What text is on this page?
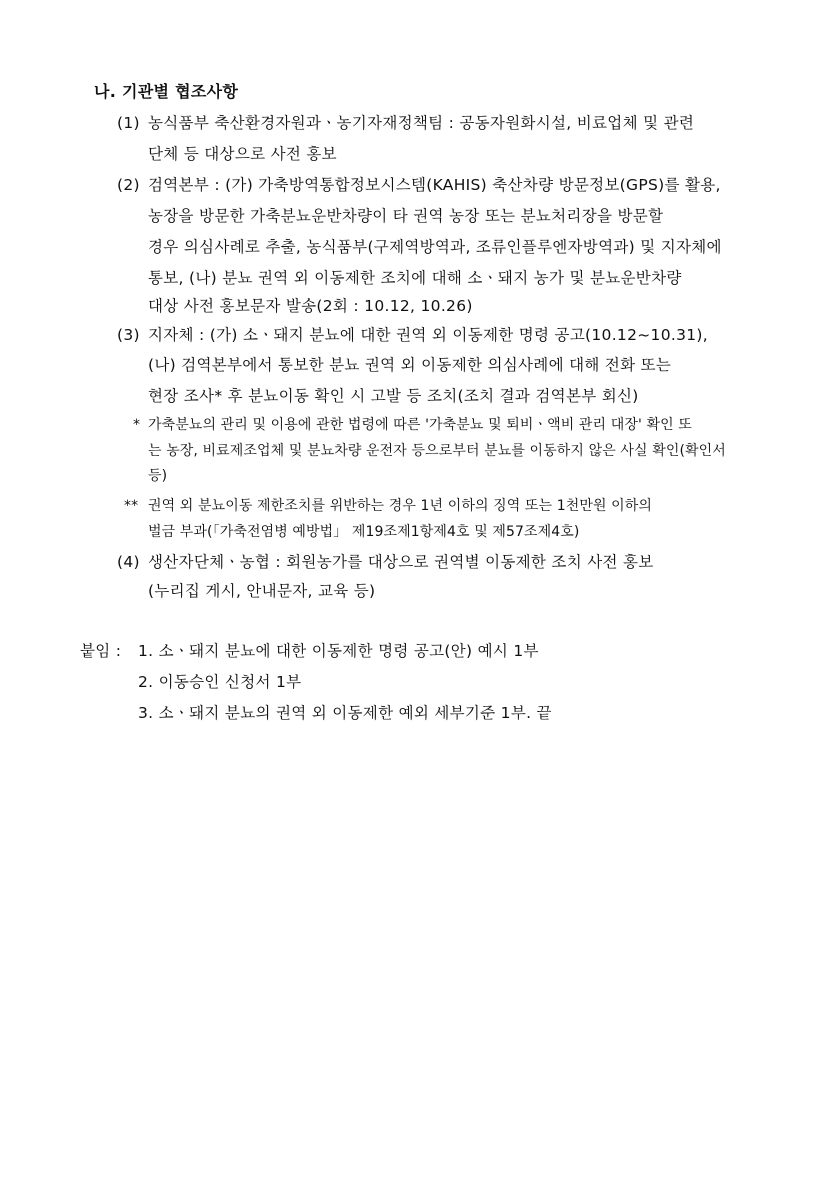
나. 기관별 협조사항
(1) 농식품부 축산환경자원과ㆍ농기자재정책팀 : 공동자원화시설, 비료업체 및 관련
단체 등 대상으로 사전 홍보
(2) 검역본부 : (가) 가축방역통합정보시스템(KAHIS) 축산차량 방문정보(GPS)를 활용,
농장을 방문한 가축분뇨운반차량이 타 권역 농장 또는 분뇨처리장을 방문할
경우 의심사례로 추출, 농식품부(구제역방역과, 조류인플루엔자방역과) 및 지자체에
통보, (나) 분뇨 권역 외 이동제한 조치에 대해 소ㆍ돼지 농가 및 분뇨운반차량
대상 사전 홍보문자 발송(2회 : 10.12, 10.26)
(3) 지자체 : (가) 소ㆍ돼지 분뇨에 대한 권역 외 이동제한 명령 공고(10.12~10.31),
(나) 검역본부에서 통보한 분뇨 권역 외 이동제한 의심사례에 대해 전화 또는
현장 조사* 후 분뇨이동 확인 시 고발 등 조치(조치 결과 검역본부 회신)
* 가축분뇨의 관리 및 이용에 관한 법령에 따른 '가축분뇨 및 퇴비ㆍ액비 관리 대장' 확인 또
는 농장, 비료제조업체 및 분뇨차량 운전자 등으로부터 분뇨를 이동하지 않은 사실 확인(확인서
등)
** 권역 외 분뇨이동 제한조치를 위반하는 경우 1년 이하의 징역 또는 1천만원 이하의
벌금 부과(「가축전염병 예방법」 제19조제1항제4호 및 제57조제4호)
(4) 생산자단체ㆍ농협 : 회원농가를 대상으로 권역별 이동제한 조치 사전 홍보
(누리집 게시, 안내문자, 교육 등)
붙임 : 1. 소ㆍ돼지 분뇨에 대한 이동제한 명령 공고(안) 예시 1부
2. 이동승인 신청서 1부
3. 소ㆍ돼지 분뇨의 권역 외 이동제한 예외 세부기준 1부. 끝
